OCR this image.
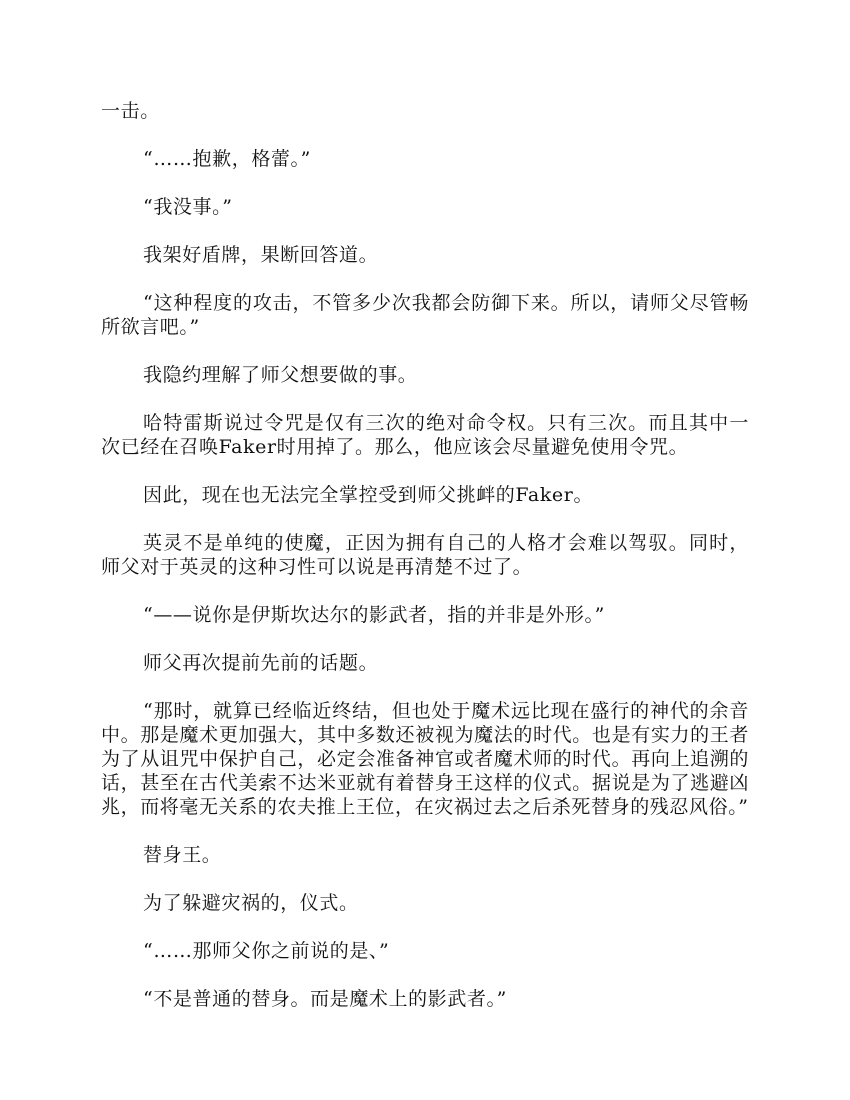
一击。

“……抱歉，格蕾。”

“我没事。”

我架好盾牌，果断回答道。

“这种程度的攻击，不管多少次我都会防御下来。所以，请师父尽管畅所欲言吧。”

我隐约理解了师父想要做的事。

哈特雷斯说过令咒是仅有三次的绝对命令权。只有三次。而且其中一次已经在召唤Faker时用掉了。那么，他应该会尽量避免使用令咒。

因此，现在也无法完全掌控受到师父挑衅的Faker。

英灵不是单纯的使魔，正因为拥有自己的人格才会难以驾驭。同时，师父对于英灵的这种习性可以说是再清楚不过了。

“——说你是伊斯坎达尔的影武者，指的并非是外形。”

师父再次提前先前的话题。

“那时，就算已经临近终结，但也处于魔术远比现在盛行的神代的余音中。那是魔术更加强大，其中多数还被视为魔法的时代。也是有实力的王者为了从诅咒中保护自己，必定会准备神官或者魔术师的时代。再向上追溯的话，甚至在古代美索不达米亚就有着替身王这样的仪式。据说是为了逃避凶兆，而将毫无关系的农夫推上王位，在灾祸过去之后杀死替身的残忍风俗。”

替身王。

为了躲避灾祸的，仪式。

“……那师父你之前说的是、”

“不是普通的替身。而是魔术上的影武者。”
